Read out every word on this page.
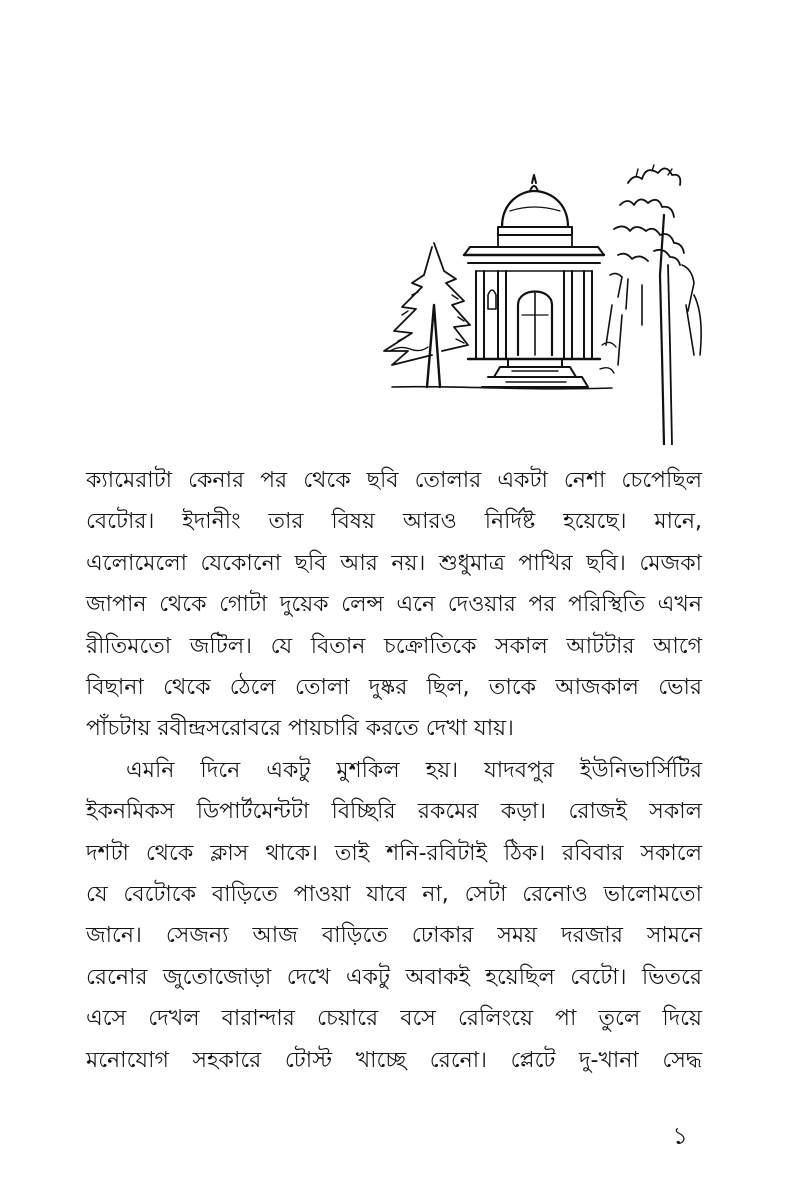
ক্যামেরাটা কেনার পর থেকে ছবি তোলার একটা নেশা চেপেছিল
বেটোর। ইদানীং তার বিষয় আরও নির্দিষ্ট হয়েছে। মানে,
এলোমেলো যেকোনো ছবি আর নয়। শুধুমাত্র পাখির ছবি। মেজকা
জাপান থেকে গোটা দুয়েক লেন্স এনে দেওয়ার পর পরিস্থিতি এখন
রীতিমতো জটিল। যে বিতান চক্রোতিকে সকাল আটটার আগে
বিছানা থেকে ঠেলে তোলা দুষ্কর ছিল, তাকে আজকাল ভোর
পাঁচটায় রবীন্দ্রসরোবরে পায়চারি করতে দেখা যায়।

এমনি দিনে একটু মুশকিল হয়। যাদবপুর ইউনিভার্সিটির
ইকনমিকস ডিপার্টমেন্টটা বিচ্ছিরি রকমের কড়া। রোজই সকাল
দশটা থেকে ক্লাস থাকে। তাই শনি-রবিটাই ঠিক। রবিবার সকালে
যে বেটোকে বাড়িতে পাওয়া যাবে না, সেটা রেনোও ভালোমতো
জানে। সেজন্য আজ বাড়িতে ঢোকার সময় দরজার সামনে
রেনোর জুতোজোড়া দেখে একটু অবাকই হয়েছিল বেটো। ভিতরে
এসে দেখল বারান্দার চেয়ারে বসে রেলিংয়ে পা তুলে দিয়ে
মনোযোগ সহকারে টোস্ট খাচ্ছে রেনো। প্লেটে দু-খানা সেদ্ধ

১
